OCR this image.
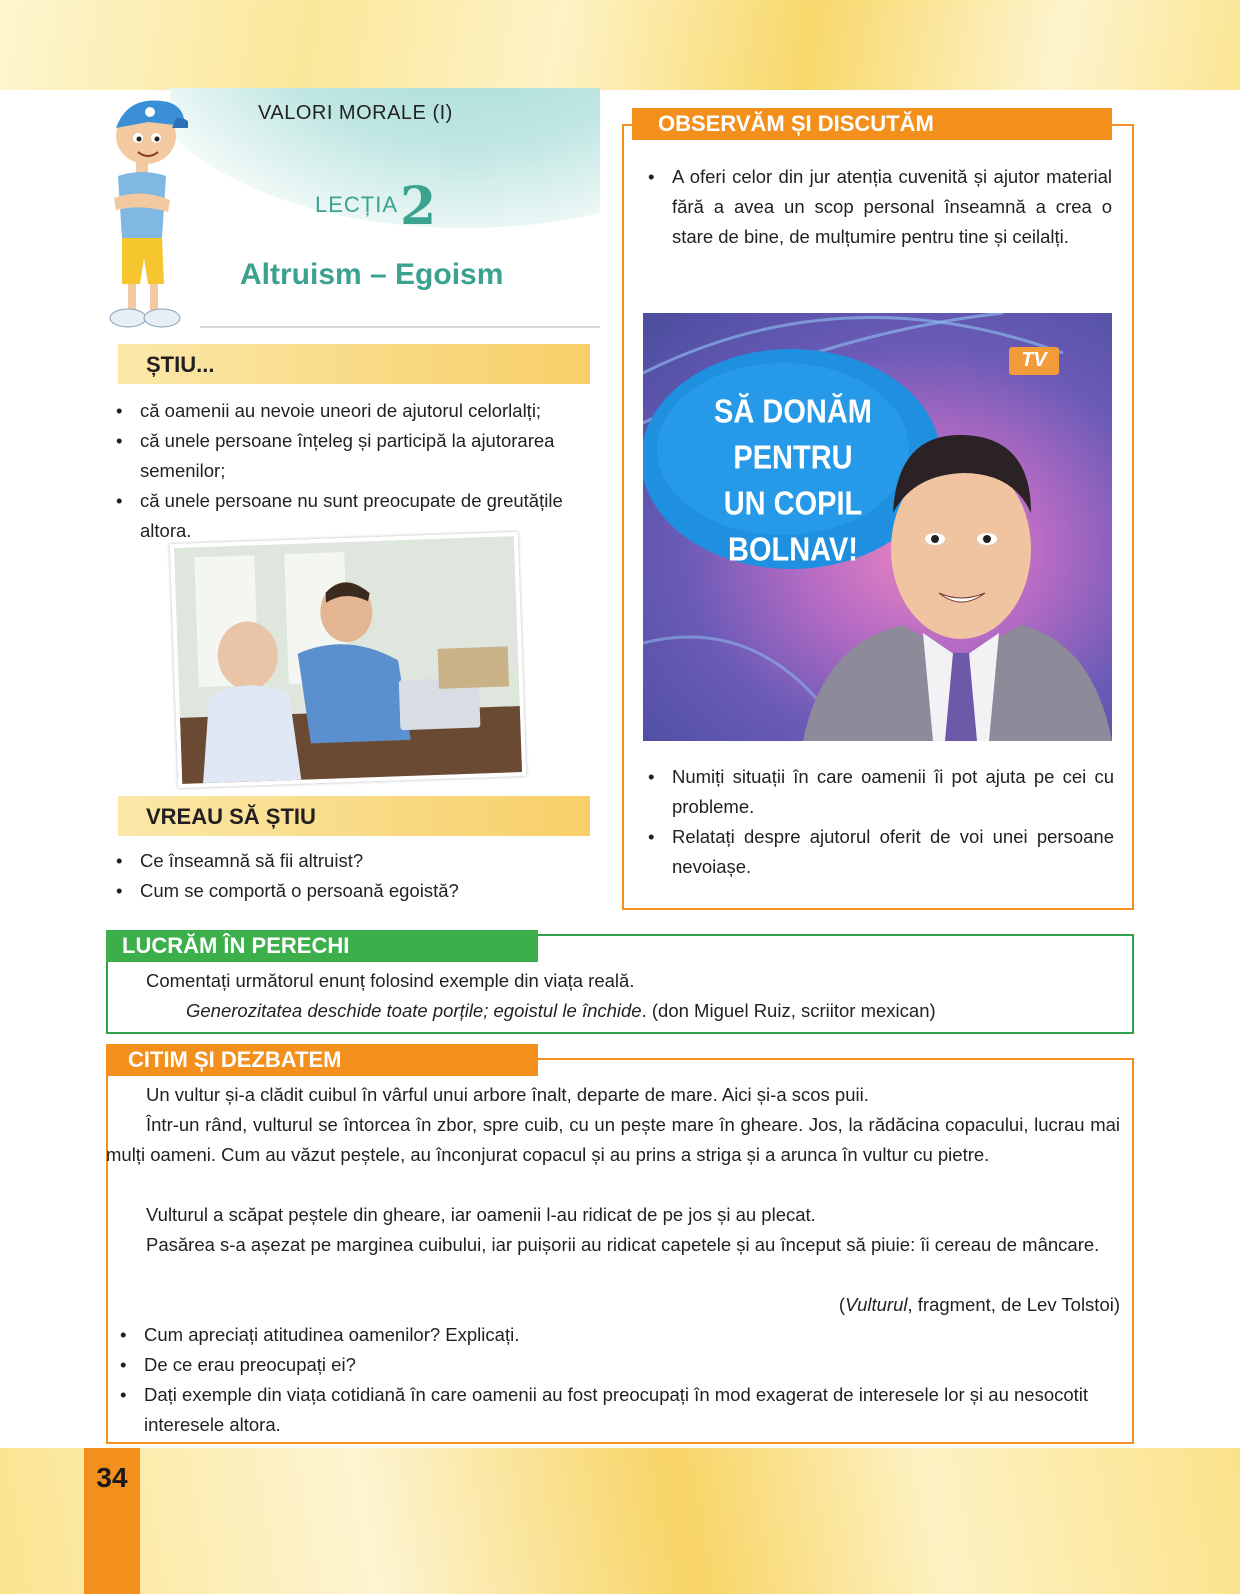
34
VALORI MORALE (I)
LECȚIA 2
Altruism – Egoism
ȘTIU...
• că oamenii au nevoie uneori de ajutorul celorlalți;
• că unele persoane înțeleg și participă la ajutorarea semenilor;
• că unele persoane nu sunt preocupate de greutățile altora.
VREAU SĂ ȘTIU
• Ce înseamnă să fii altruist?
• Cum se comportă o persoană egoistă?
OBSERVĂM ȘI DISCUTĂM
• A oferi celor din jur atenția cuvenită și ajutor material fără a avea un scop personal înseamnă a crea o stare de bine, de mulțumire pentru tine și ceilalți.
SĂ DONĂM PENTRU
UN COPIL BOLNAV!
TV
• Numiți situații în care oamenii îi pot ajuta pe cei cu probleme.
• Relatați despre ajutorul oferit de voi unei persoane nevoiașe.
LUCRĂM ÎN PERECHI
Comentați următorul enunț folosind exemple din viața reală.
Generozitatea deschide toate porțile; egoistul le închide. (don Miguel Ruiz, scriitor mexican)
CITIM ȘI DEZBATEM
Un vultur și-a clădit cuibul în vârful unui arbore înalt, departe de mare. Aici și-a scos puii.
Într-un rând, vulturul se întorcea în zbor, spre cuib, cu un pește mare în gheare. Jos, la rădăcina copacului, lucrau mai mulți oameni. Cum au văzut peștele, au înconjurat copacul și au prins a striga și a arunca în vultur cu pietre.
Vulturul a scăpat peștele din gheare, iar oamenii l-au ridicat de pe jos și au plecat.
Pasărea s-a așezat pe marginea cuibului, iar puișorii au ridicat capetele și au început să piuie: îi cereau de mâncare.
(Vulturul, fragment, de Lev Tolstoi)
• Cum apreciați atitudinea oamenilor? Explicați.
• De ce erau preocupați ei?
• Dați exemple din viața cotidiană în care oamenii au fost preocupați în mod exagerat de interesele lor și au nesocotit interesele altora.
